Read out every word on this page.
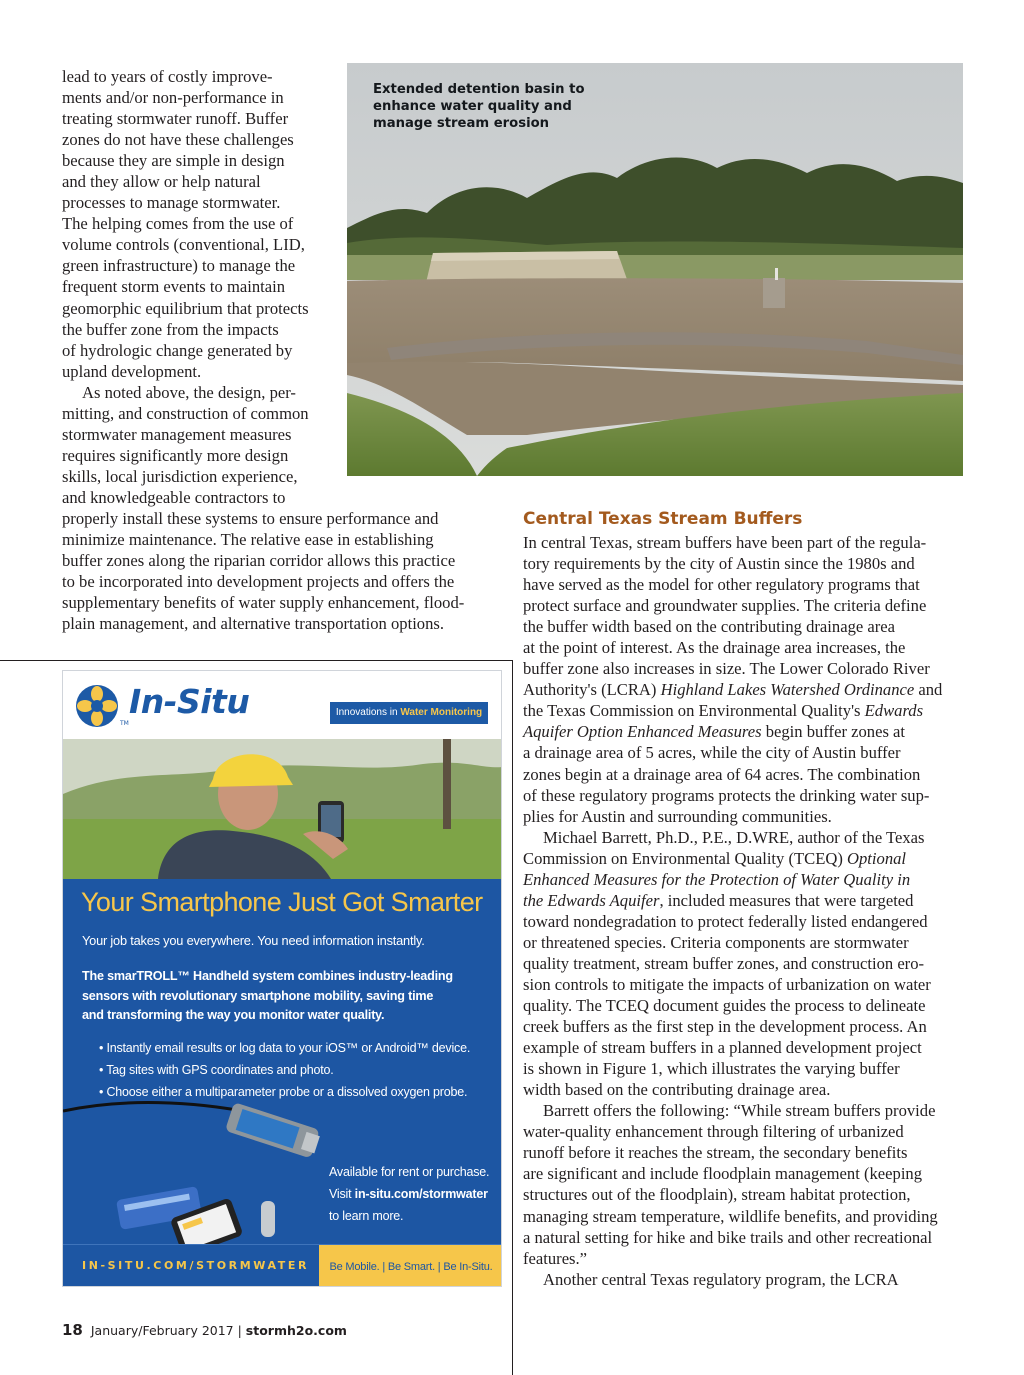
lead to years of costly improve-
ments and/or non-performance in
treating stormwater runoff. Buffer
zones do not have these challenges
because they are simple in design
and they allow or help natural
processes to manage stormwater.
The helping comes from the use of
volume controls (conventional, LID,
green infrastructure) to manage the
frequent storm events to maintain
geomorphic equilibrium that protects
the buffer zone from the impacts
of hydrologic change generated by
upland development.
As noted above, the design, per-
mitting, and construction of common
stormwater management measures
requires significantly more design
skills, local jurisdiction experience,
and knowledgeable contractors to
properly install these systems to ensure performance and
minimize maintenance. The relative ease in establishing
buffer zones along the riparian corridor allows this practice
to be incorporated into development projects and offers the
supplementary benefits of water supply enhancement, flood-
plain management, and alternative transportation options.
Extended detention basin to
enhance water quality and
manage stream erosion
Central Texas Stream Buffers
In central Texas, stream buffers have been part of the regula-
tory requirements by the city of Austin since the 1980s and
have served as the model for other regulatory programs that
protect surface and groundwater supplies. The criteria define
the buffer width based on the contributing drainage area
at the point of interest. As the drainage area increases, the
buffer zone also increases in size. The Lower Colorado River
Authority's (LCRA) Highland Lakes Watershed Ordinance and
the Texas Commission on Environmental Quality's Edwards
Aquifer Option Enhanced Measures begin buffer zones at
a drainage area of 5 acres, while the city of Austin buffer
zones begin at a drainage area of 64 acres. The combination
of these regulatory programs protects the drinking water sup-
plies for Austin and surrounding communities.
Michael Barrett, Ph.D., P.E., D.WRE, author of the Texas
Commission on Environmental Quality (TCEQ) Optional
Enhanced Measures for the Protection of Water Quality in
the Edwards Aquifer, included measures that were targeted
toward nondegradation to protect federally listed endangered
or threatened species. Criteria components are stormwater
quality treatment, stream buffer zones, and construction ero-
sion controls to mitigate the impacts of urbanization on water
quality. The TCEQ document guides the process to delineate
creek buffers as the first step in the development process. An
example of stream buffers in a planned development project
is shown in Figure 1, which illustrates the varying buffer
width based on the contributing drainage area.
Barrett offers the following: “While stream buffers provide
water-quality enhancement through filtering of urbanized
runoff before it reaches the stream, the secondary benefits
are significant and include floodplain management (keeping
structures out of the floodplain), stream habitat protection,
managing stream temperature, wildlife benefits, and providing
a natural setting for hike and bike trails and other recreational
features.”
Another central Texas regulatory program, the LCRA
TM
In-Situ	Innovations in Water Monitoring
Your Smartphone Just Got Smarter
Your job takes you everywhere. You need information instantly.
The smarTROLL™ Handheld system combines industry-leading
sensors with revolutionary smartphone mobility, saving time
and transforming the way you monitor water quality.
• Instantly email results or log data to your iOS™ or Android™ device.
• Tag sites with GPS coordinates and photo.
• Choose either a multiparameter probe or a dissolved oxygen probe.
Available for rent or purchase.
Visit in-situ.com/stormwater
to learn more.
IN-SITU.COM/STORMWATER	Be Mobile. | Be Smart. | Be In-Situ.
18 January/February 2017 | stormh2o.com
